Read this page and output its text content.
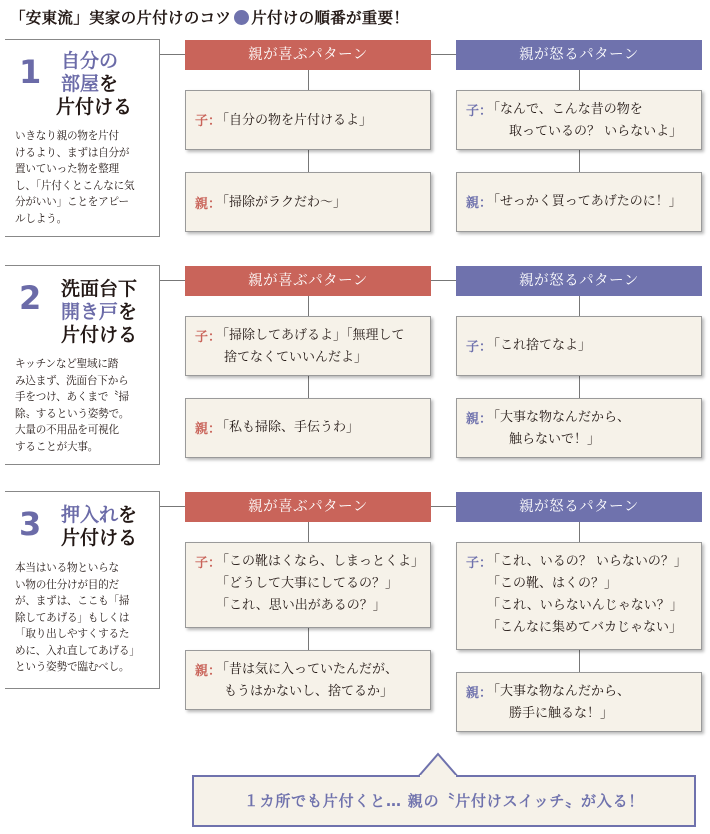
「安東流」実家の片付けのコツ 片付けの順番が重要！
1 自分の
部屋を
片付ける
いきなり親の物を片付
けるより、まずは自分が
置いていった物を整理
し、「片付くとこんなに気
分がいい」ことをアピー
ルしよう。
親が喜ぶパターン	親が怒るパターン
子：
「自分の物を片付けるよ」
親：
「掃除がラクだわ〜」
子：
「なんで、こんな昔の物を
取っているの？ いらないよ」
親：
「せっかく買ってあげたのに！」
2 洗面台下
開き戸を
片付ける
キッチンなど聖域に踏
み込まず、洗面台下から
手をつけ、あくまで〝掃
除〟するという姿勢で。
大量の不用品を可視化
することが大事。
親が喜ぶパターン	親が怒るパターン
子：
「掃除してあげるよ」「無理して
捨てなくていいんだよ」
親：
「私も掃除、手伝うわ」
子：
「これ捨てなよ」
親：
「大事な物なんだから、
触らないで！」
3 押入れを
片付ける
本当はいる物といらな
い物の仕分けが目的だ
が、まずは、ここも「掃
除してあげる」もしくは
「取り出しやすくするた
めに、入れ直してあげる」
という姿勢で臨むべし。
親が喜ぶパターン	親が怒るパターン
子：
「この靴はくなら、しまっとくよ」
「どうして大事にしてるの？」
「これ、思い出があるの？」
親：
「昔は気に入っていたんだが、
もうはかないし、捨てるか」
子：
「これ、いるの？ いらないの？」
「この靴、はくの？」
「これ、いらないんじゃない？」
「こんなに集めてバカじゃない」
親：
「大事な物なんだから、
勝手に触るな！」
１カ所でも片付くと… 親の〝片付けスイッチ〟が入る！
